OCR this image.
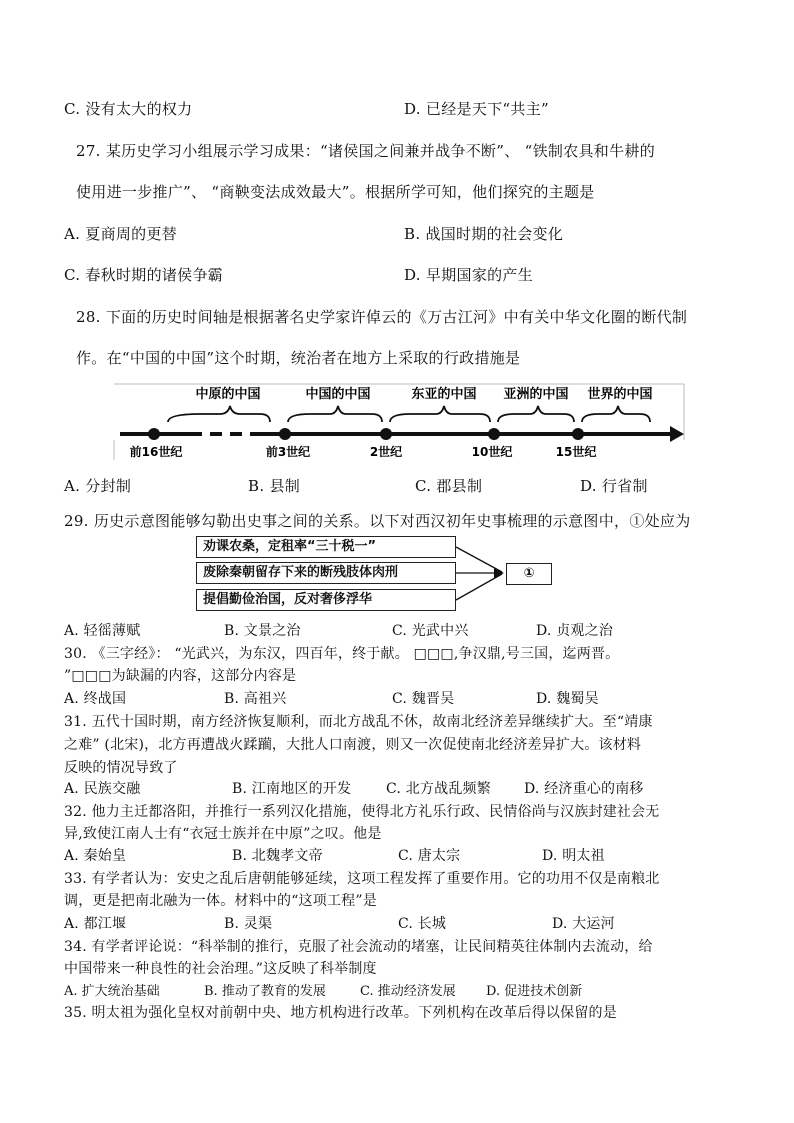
C. 没有太大的权力	D. 已经是天下“共主”
27. 某历史学习小组展示学习成果：“诸侯国之间兼并战争不断”、 “铁制农具和牛耕的
使用进一步推广”、 “商鞅变法成效最大”。根据所学可知，他们探究的主题是
A. 夏商周的更替	B. 战国时期的社会变化
C. 春秋时期的诸侯争霸	D. 早期国家的产生
28. 下面的历史时间轴是根据著名史学家许倬云的《万古江河》中有关中华文化圈的断代制
作。在“中国的中国”这个时期，统治者在地方上采取的行政措施是
中原的中国	中国的中国	东亚的中国 亚洲的中国 世界的中国
前16世纪	前3世纪	2世纪	10世纪	15世纪
A. 分封制	B. 县制	C. 郡县制	D. 行省制
29. 历史示意图能够勾勒出史事之间的关系。以下对西汉初年史事梳理的示意图中，①处应为
劝课农桑，定租率“三十税一”
废除秦朝留存下来的断残肢体肉刑
提倡勤俭治国，反对奢侈浮华
①
A. 轻徭薄赋	B. 文景之治	C. 光武中兴	D. 贞观之治
30. 《三字经》： “光武兴，为东汉，四百年，终于献。 □□□,争汉鼎,号三国，迄两晋。
”□□□为缺漏的内容，这部分内容是
A. 终战国	B. 高祖兴	C. 魏晋吴	D. 魏蜀吴
31. 五代十国时期，南方经济恢复顺利，而北方战乱不休，故南北经济差异继续扩大。至“靖康
之难” (北宋)，北方再遭战火蹂躏，大批人口南渡，则又一次促使南北经济差异扩大。该材料
反映的情况导致了
A. 民族交融	B. 江南地区的开发 C. 北方战乱频繁 D. 经济重心的南移
32. 他力主迁都洛阳，并推行一系列汉化措施，使得北方礼乐行政、民情俗尚与汉族封建社会无
异,致使江南人士有“衣冠士族并在中原”之叹。他是
A. 秦始皇	B. 北魏孝文帝	C. 唐太宗	D. 明太祖
33. 有学者认为：安史之乱后唐朝能够延续，这项工程发挥了重要作用。它的功用不仅是南粮北
调，更是把南北融为一体。材料中的“这项工程”是
A. 都江堰	B. 灵渠	C. 长城	D. 大运河
34. 有学者评论说：“科举制的推行，克服了社会流动的堵塞，让民间精英往体制内去流动，给
中国带来一种良性的社会治理。”这反映了科举制度
A. 扩大统治基础	B. 推动了教育的发展	C. 推动经济发展 D. 促进技术创新
35. 明太祖为强化皇权对前朝中央、地方机构进行改革。下列机构在改革后得以保留的是
